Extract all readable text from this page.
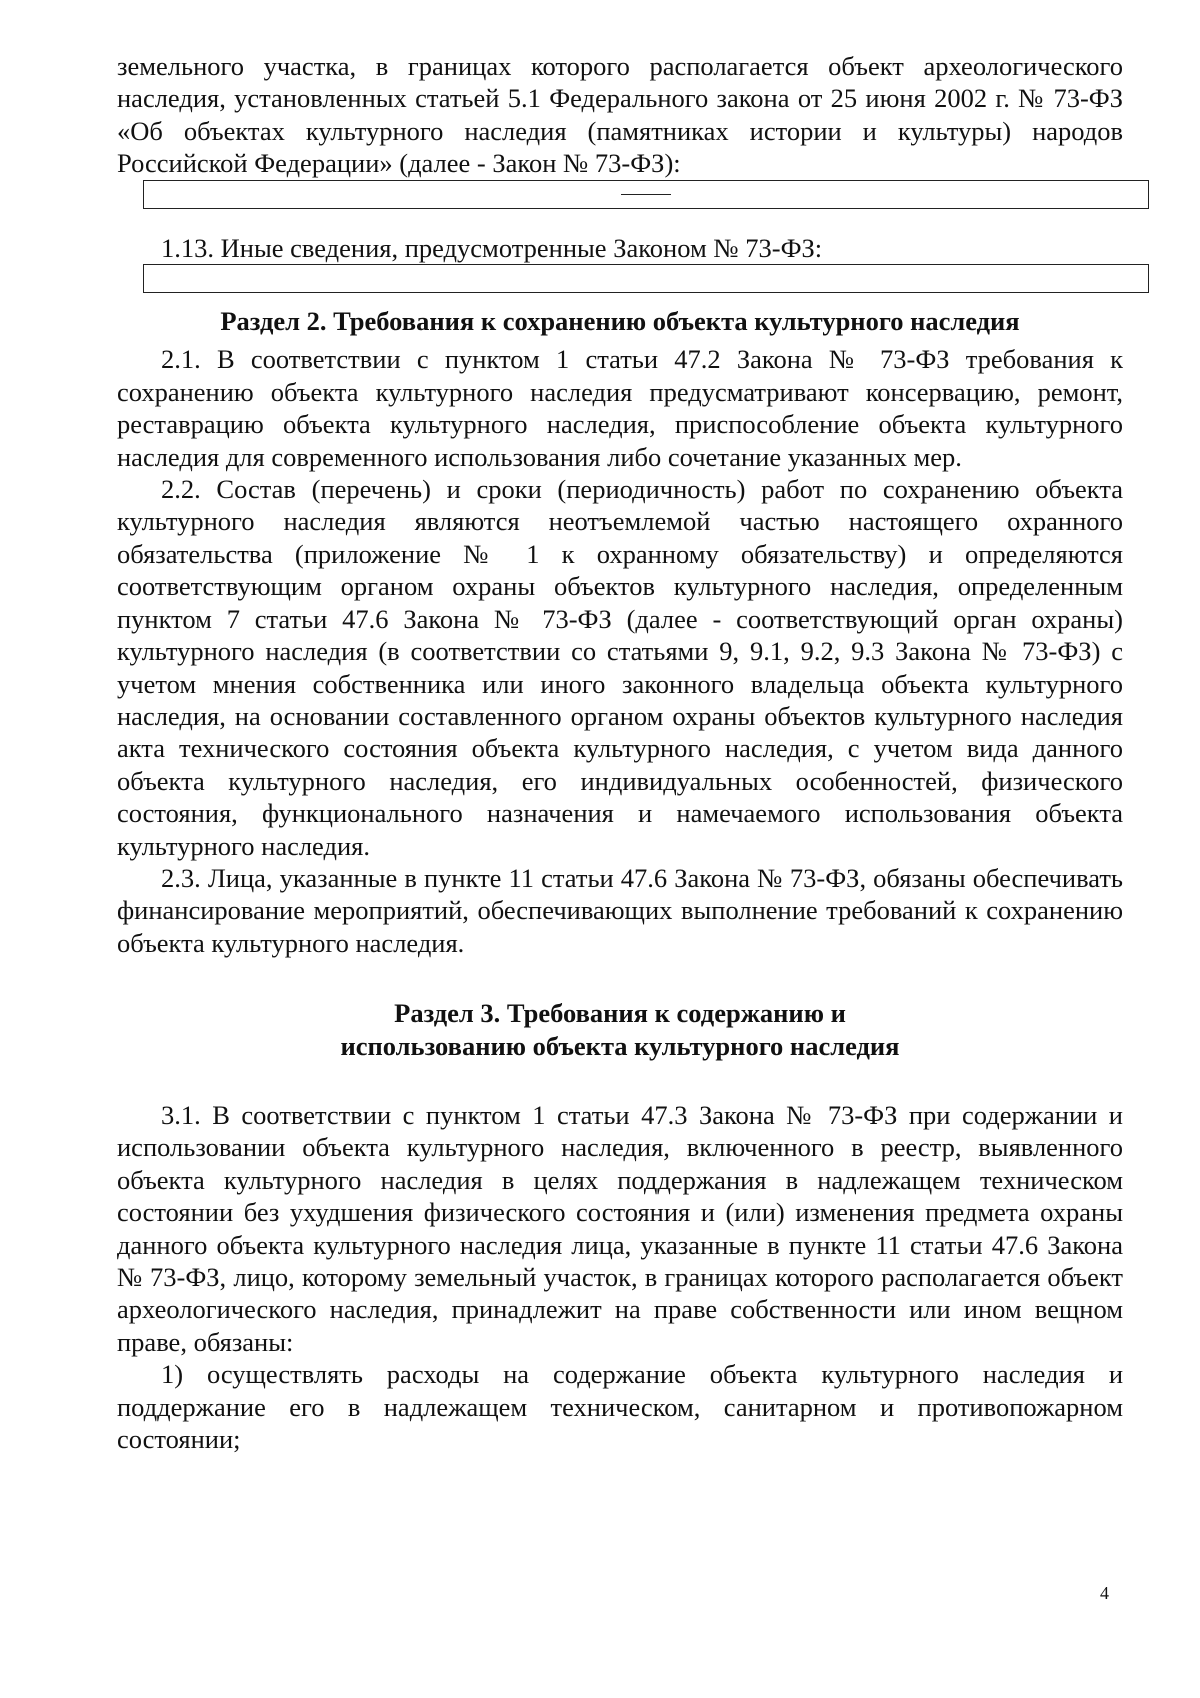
земельного участка, в границах которого располагается объект археологического наследия, установленных статьей 5.1 Федерального закона от 25 июня 2002 г. № 73-ФЗ «Об объектах культурного наследия (памятниках истории и культуры) народов Российской Федерации» (далее - Закон № 73-ФЗ):

1.13. Иные сведения, предусмотренные Законом № 73-ФЗ:

Раздел 2. Требования к сохранению объекта культурного наследия

2.1. В соответствии с пунктом 1 статьи 47.2 Закона № 73-ФЗ требования к сохранению объекта культурного наследия предусматривают консервацию, ремонт, реставрацию объекта культурного наследия, приспособление объекта культурного наследия для современного использования либо сочетание указанных мер.

2.2. Состав (перечень) и сроки (периодичность) работ по сохранению объекта культурного наследия являются неотъемлемой частью настоящего охранного обязательства (приложение № 1 к охранному обязательству) и определяются соответствующим органом охраны объектов культурного наследия, определенным пунктом 7 статьи 47.6 Закона № 73-ФЗ (далее - соответствующий орган охраны) культурного наследия (в соответствии со статьями 9, 9.1, 9.2, 9.3 Закона № 73-ФЗ) с учетом мнения собственника или иного законного владельца объекта культурного наследия, на основании составленного органом охраны объектов культурного наследия акта технического состояния объекта культурного наследия, с учетом вида данного объекта культурного наследия, его индивидуальных особенностей, физического состояния, функционального назначения и намечаемого использования объекта культурного наследия.

2.3. Лица, указанные в пункте 11 статьи 47.6 Закона № 73-ФЗ, обязаны обеспечивать финансирование мероприятий, обеспечивающих выполнение требований к сохранению объекта культурного наследия.

Раздел 3. Требования к содержанию и

использованию объекта культурного наследия

3.1. В соответствии с пунктом 1 статьи 47.3 Закона № 73-ФЗ при содержании и использовании объекта культурного наследия, включенного в реестр, выявленного объекта культурного наследия в целях поддержания в надлежащем техническом состоянии без ухудшения физического состояния и (или) изменения предмета охраны данного объекта культурного наследия лица, указанные в пункте 11 статьи 47.6 Закона № 73-ФЗ, лицо, которому земельный участок, в границах которого располагается объект археологического наследия, принадлежит на праве собственности или ином вещном праве, обязаны:

1) осуществлять расходы на содержание объекта культурного наследия и поддержание его в надлежащем техническом, санитарном и противопожарном состоянии;

4
